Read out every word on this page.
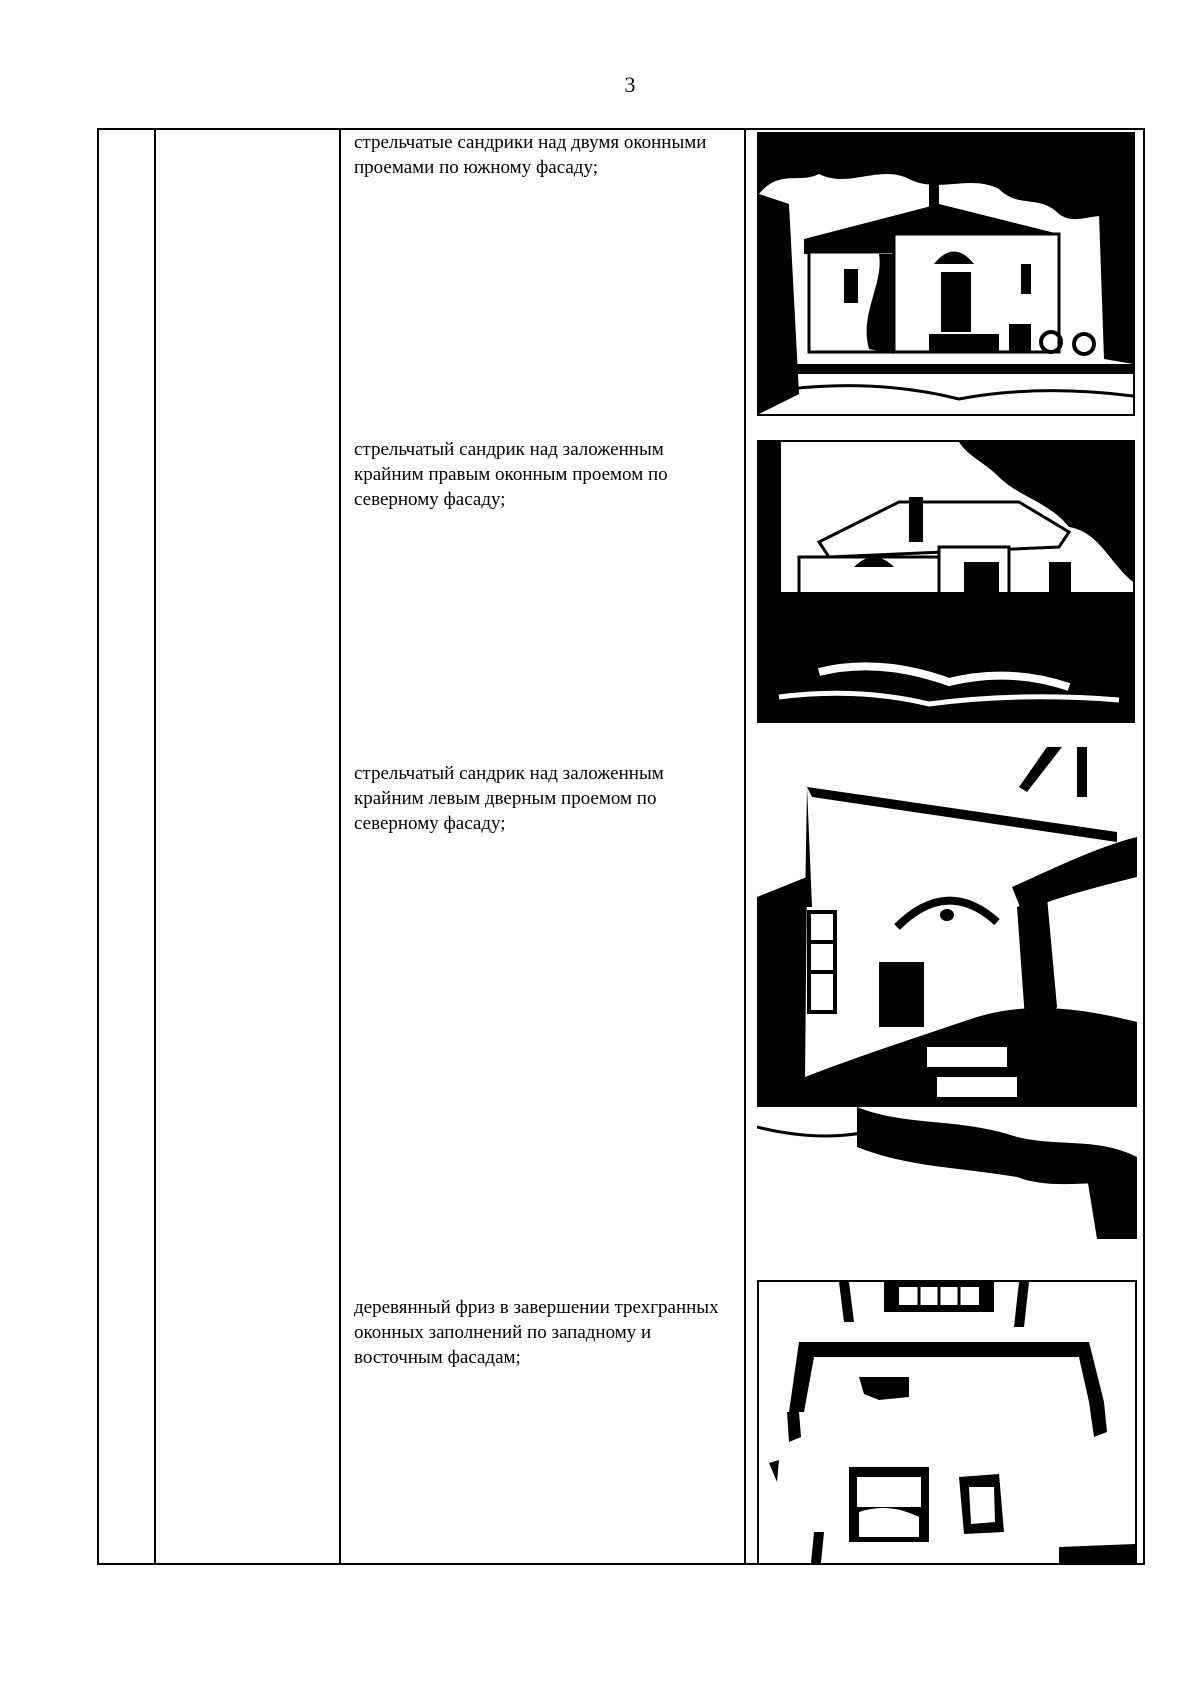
3
стрельчатые сандрики над двумя оконными проемами по южному фасаду;
стрельчатый сандрик над заложенным крайним правым оконным проемом по северному фасаду;
стрельчатый сандрик над заложенным крайним левым дверным проемом по северному фасаду;
деревянный фриз в завершении трехгранных оконных заполнений по западному и восточным фасадам;
